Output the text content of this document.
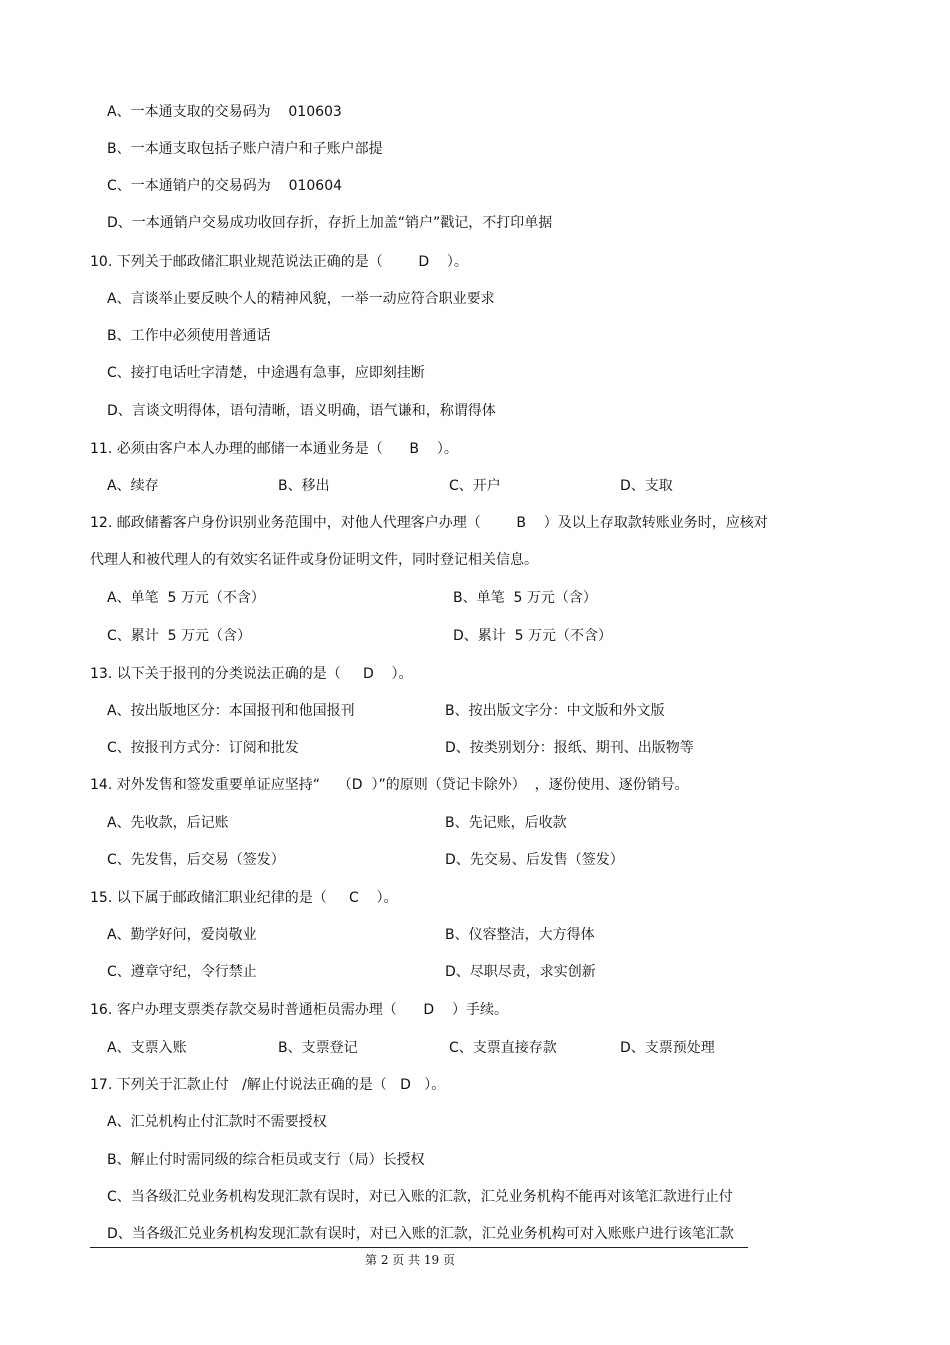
A、一本通支取的交易码为    010603
B、一本通支取包括子账户清户和子账户部提
C、一本通销户的交易码为    010604
D、一本通销户交易成功收回存折，存折上加盖“销户”戳记，不打印单据
10. 下列关于邮政储汇职业规范说法正确的是（        D    ）。
A、言谈举止要反映个人的精神风貌，一举一动应符合职业要求
B、工作中必须使用普通话
C、接打电话吐字清楚，中途遇有急事，应即刻挂断
D、言谈文明得体，语句清晰，语义明确，语气谦和，称谓得体
11. 必须由客户本人办理的邮储一本通业务是（      B    ）。
A、续存	B、移出	C、开户	D、支取
12. 邮政储蓄客户身份识别业务范围中，对他人代理客户办理（        B    ）及以上存取款转账业务时，应核对
代理人和被代理人的有效实名证件或身份证明文件，同时登记相关信息。
A、单笔  5 万元（不含）	B、单笔  5 万元（含）
C、累计  5 万元（含）	D、累计  5 万元（不含）
13. 以下关于报刊的分类说法正确的是（     D    ）。
A、按出版地区分：本国报刊和他国报刊	B、按出版文字分：中文版和外文版
C、按报刊方式分：订阅和批发	D、按类别划分：报纸、期刊、出版物等
14. 对外发售和签发重要单证应坚持“    （D  ）”的原则（贷记卡除外）  ，逐份使用、逐份销号。
A、先收款，后记账	B、先记账，后收款
C、先发售，后交易（签发）	D、先交易、后发售（签发）
15. 以下属于邮政储汇职业纪律的是（     C    ）。
A、勤学好问，爱岗敬业	B、仪容整洁，大方得体
C、遵章守纪，令行禁止	D、尽职尽责，求实创新
16. 客户办理支票类存款交易时普通柜员需办理（      D    ）手续。
A、支票入账	B、支票登记	C、支票直接存款	D、支票预处理
17. 下列关于汇款止付   /解止付说法正确的是（   D   ）。
A、汇兑机构止付汇款时不需要授权
B、解止付时需同级的综合柜员或支行（局）长授权
C、当各级汇兑业务机构发现汇款有误时，对已入账的汇款，汇兑业务机构不能再对该笔汇款进行止付
D、当各级汇兑业务机构发现汇款有误时，对已入账的汇款，汇兑业务机构可对入账账户进行该笔汇款
第 2 页 共 19 页
